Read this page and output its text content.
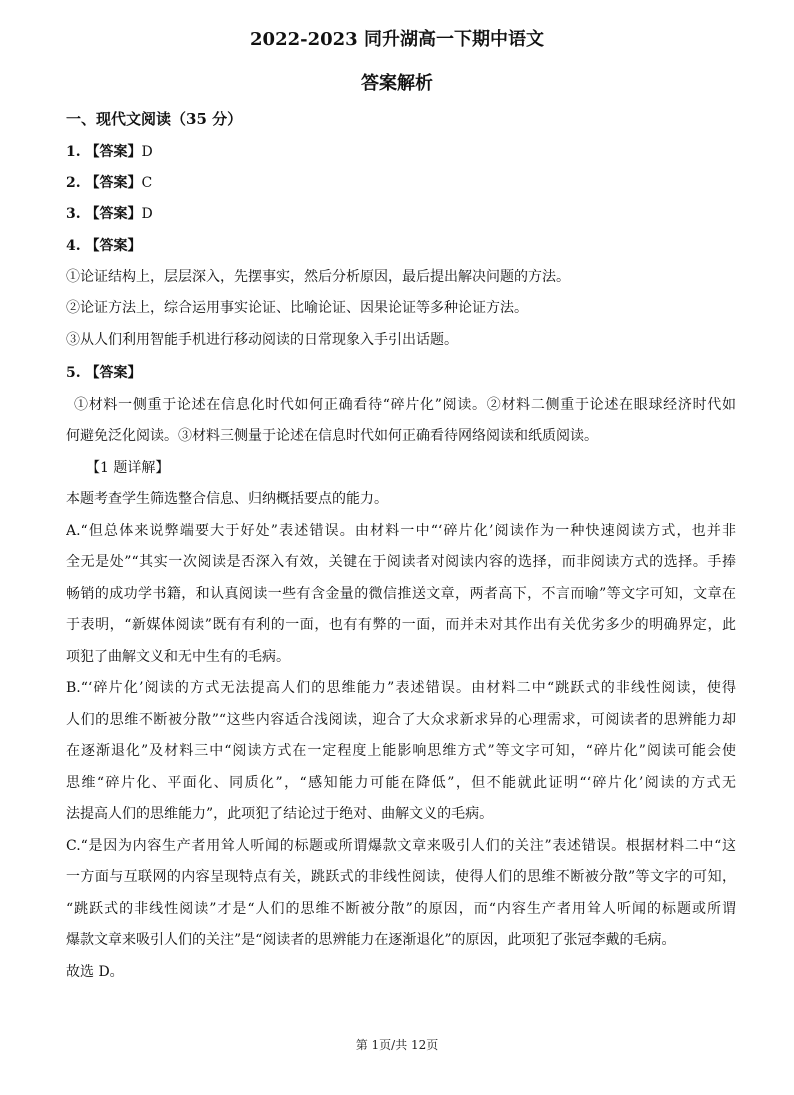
2022-2023 同升湖高一下期中语文
答案解析
一、现代文阅读（35 分）
1. 【答案】D
2. 【答案】C
3. 【答案】D
4. 【答案】
①论证结构上，层层深入，先摆事实，然后分析原因，最后提出解决问题的方法。
②论证方法上，综合运用事实论证、比喻论证、因果论证等多种论证方法。
③从人们利用智能手机进行移动阅读的日常现象入手引出话题。
5. 【答案】
①材料一侧重于论述在信息化时代如何正确看待“碎片化”阅读。②材料二侧重于论述在眼球经济时代如
何避免泛化阅读。③材料三侧量于论述在信息时代如何正确看待网络阅读和纸质阅读。
【1 题详解】
本题考查学生筛选整合信息、归纳概括要点的能力。
A.“但总体来说弊端要大于好处”表述错误。由材料一中“‘碎片化’阅读作为一种快速阅读方式，也并非
全无是处”“其实一次阅读是否深入有效，关键在于阅读者对阅读内容的选择，而非阅读方式的选择。手捧
畅销的成功学书籍，和认真阅读一些有含金量的微信推送文章，两者高下，不言而喻”等文字可知，文章在
于表明，“新媒体阅读”既有有利的一面，也有有弊的一面，而并未对其作出有关优劣多少的明确界定，此
项犯了曲解文义和无中生有的毛病。
B.“‘碎片化’阅读的方式无法提高人们的思维能力”表述错误。由材料二中“跳跃式的非线性阅读，使得
人们的思维不断被分散”“这些内容适合浅阅读，迎合了大众求新求异的心理需求，可阅读者的思辨能力却
在逐渐退化”及材料三中“阅读方式在一定程度上能影响思维方式”等文字可知，“碎片化”阅读可能会使
思维“碎片化、平面化、同质化”，“感知能力可能在降低”，但不能就此证明“‘碎片化’阅读的方式无
法提高人们的思维能力”，此项犯了结论过于绝对、曲解文义的毛病。
C.“是因为内容生产者用耸人听闻的标题或所谓爆款文章来吸引人们的关注”表述错误。根据材料二中“这
一方面与互联网的内容呈现特点有关，跳跃式的非线性阅读，使得人们的思维不断被分散”等文字的可知，
“跳跃式的非线性阅读”才是“人们的思维不断被分散”的原因，而“内容生产者用耸人听闻的标题或所谓
爆款文章来吸引人们的关注”是“阅读者的思辨能力在逐渐退化”的原因，此项犯了张冠李戴的毛病。
故选 D。
第 1页/共 12页
